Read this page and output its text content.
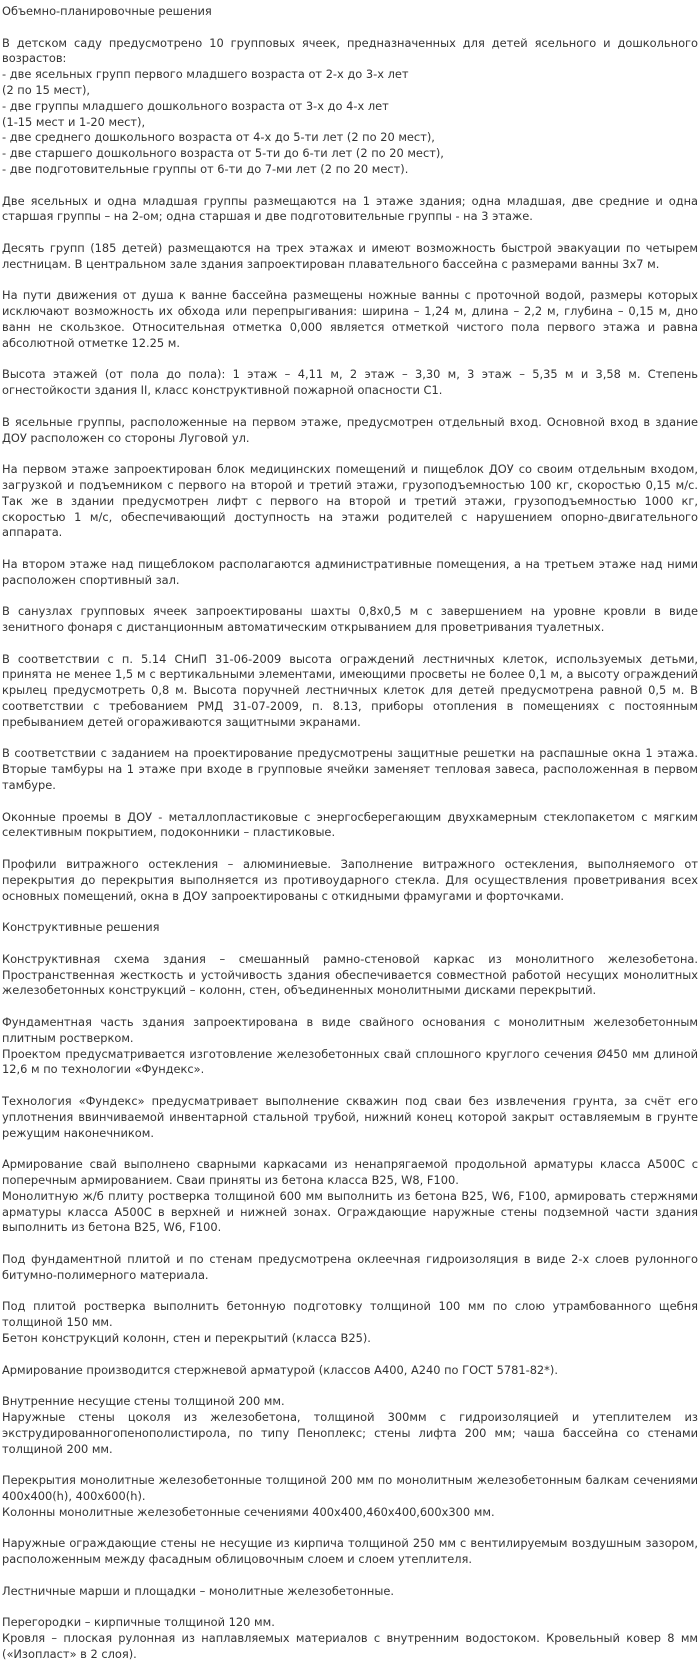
Объемно-планировочные решения

В детском саду предусмотрено 10 групповых ячеек, предназначенных для детей ясельного и дошкольного возрастов:
- две ясельных групп первого младшего возраста от 2-х до 3-х лет
(2 по 15 мест),
- две группы младшего дошкольного возраста от 3-х до 4-х лет
(1-15 мест и 1-20 мест),
- две среднего дошкольного возраста от 4-х до 5-ти лет (2 по 20 мест),
- две старшего дошкольного возраста от 5-ти до 6-ти лет (2 по 20 мест),
- две подготовительные группы от 6-ти до 7-ми лет (2 по 20 мест).

Две ясельных и одна младшая группы размещаются на 1 этаже здания; одна младшая, две средние и одна старшая группы – на 2-ом; одна старшая и две подготовительные группы - на 3 этаже.

Десять групп (185 детей) размещаются на трех этажах и имеют возможность быстрой эвакуации по четырем лестницам. В центральном зале здания запроектирован плавательного бассейна с размерами ванны 3х7 м.

На пути движения от душа к ванне бассейна размещены ножные ванны с проточной водой, размеры которых исключают возможность их обхода или перепрыгивания: ширина – 1,24 м, длина – 2,2 м, глубина – 0,15 м, дно ванн не скользкое. Относительная отметка 0,000 является отметкой чистого пола первого этажа и равна абсолютной отметке 12.25 м.

Высота этажей (от пола до пола): 1 этаж – 4,11 м, 2 этаж – 3,30 м, 3 этаж – 5,35 м и 3,58 м. Степень огнестойкости здания II, класс конструктивной пожарной опасности С1.

В ясельные группы, расположенные на первом этаже, предусмотрен отдельный вход. Основной вход в здание ДОУ расположен со стороны Луговой ул.

На первом этаже запроектирован блок медицинских помещений и пищеблок ДОУ со своим отдельным входом, загрузкой и подъемником с первого на второй и третий этажи, грузоподъемностью 100 кг, скоростью 0,15 м/с. Так же в здании предусмотрен лифт с первого на второй и третий этажи, грузоподъемностью 1000 кг, скоростью 1 м/с, обеспечивающий доступность на этажи родителей с нарушением опорно-двигательного аппарата.

На втором этаже над пищеблоком располагаются административные помещения, а на третьем этаже над ними расположен спортивный зал.

В санузлах групповых ячеек запроектированы шахты 0,8х0,5 м с завершением на уровне кровли в виде зенитного фонаря с дистанционным автоматическим открыванием для проветривания туалетных.

В соответствии с п. 5.14 СНиП 31-06-2009 высота ограждений лестничных клеток, используемых детьми, принята не менее 1,5 м с вертикальными элементами, имеющими просветы не более 0,1 м, а высоту ограждений крылец предусмотреть 0,8 м. Высота поручней лестничных клеток для детей предусмотрена равной 0,5 м. В соответствии с требованием РМД 31-07-2009, п. 8.13, приборы отопления в помещениях с постоянным пребыванием детей огораживаются защитными экранами.

В соответствии с заданием на проектирование предусмотрены защитные решетки на распашные окна 1 этажа. Вторые тамбуры на 1 этаже при входе в групповые ячейки заменяет тепловая завеса, расположенная в первом тамбуре.

Оконные проемы в ДОУ - металлопластиковые с энергосберегающим двухкамерным стеклопакетом с мягким селективным покрытием, подоконники – пластиковые.

Профили витражного остекления – алюминиевые. Заполнение витражного остекления, выполняемого от перекрытия до перекрытия выполняется из противоударного стекла. Для осуществления проветривания всех основных помещений, окна в ДОУ запроектированы с откидными фрамугами и форточками.

Конструктивные решения

Конструктивная схема здания – смешанный рамно-стеновой каркас из монолитного железобетона. Пространственная жесткость и устойчивость здания обеспечивается совместной работой несущих монолитных железобетонных конструкций – колонн, стен, объединенных монолитными дисками перекрытий.

Фундаментная часть здания запроектирована в виде свайного основания с монолитным железобетонным плитным ростверком.
Проектом предусматривается изготовление железобетонных свай сплошного круглого сечения Ø450 мм длиной 12,6 м по технологии «Фундекс».

Технология «Фундекс» предусматривает выполнение скважин под сваи без извлечения грунта, за счёт его уплотнения ввинчиваемой инвентарной стальной трубой, нижний конец которой закрыт оставляемым в грунте режущим наконечником.

Армирование свай выполнено сварными каркасами из ненапрягаемой продольной арматуры класса А500С с поперечным армированием. Сваи приняты из бетона класса В25, W8, F100.
Монолитную ж/б плиту ростверка толщиной 600 мм выполнить из бетона В25, W6, F100, армировать стержнями арматуры класса А500С в верхней и нижней зонах. Ограждающие наружные стены подземной части здания выполнить из бетона В25, W6, F100.

Под фундаментной плитой и по стенам предусмотрена оклеечная гидроизоляция в виде 2-х слоев рулонного битумно-полимерного материала.

Под плитой ростверка выполнить бетонную подготовку толщиной 100 мм по слою утрамбованного щебня толщиной 150 мм.
Бетон конструкций колонн, стен и перекрытий (класса В25).

Армирование производится стержневой арматурой (классов А400, А240 по ГОСТ 5781-82*).

Внутренние несущие стены толщиной 200 мм.
Наружные стены цоколя из железобетона, толщиной 300мм с гидроизоляцией и утеплителем из экструдированногопенополистирола, по типу Пеноплекс; стены лифта 200 мм; чаша бассейна со стенами толщиной 200 мм.

Перекрытия монолитные железобетонные толщиной 200 мм по монолитным железобетонным балкам сечениями 400х400(h), 400х600(h).
Колонны монолитные железобетонные сечениями 400х400,460х400,600х300 мм.

Наружные ограждающие стены не несущие из кирпича толщиной 250 мм с вентилируемым воздушным зазором, расположенным между фасадным облицовочным слоем и слоем утеплителя.

Лестничные марши и площадки – монолитные железобетонные.

Перегородки – кирпичные толщиной 120 мм.
Кровля – плоская рулонная из наплавляемых материалов с внутренним водостоком. Кровельный ковер 8 мм («Изопласт» в 2 слоя).
